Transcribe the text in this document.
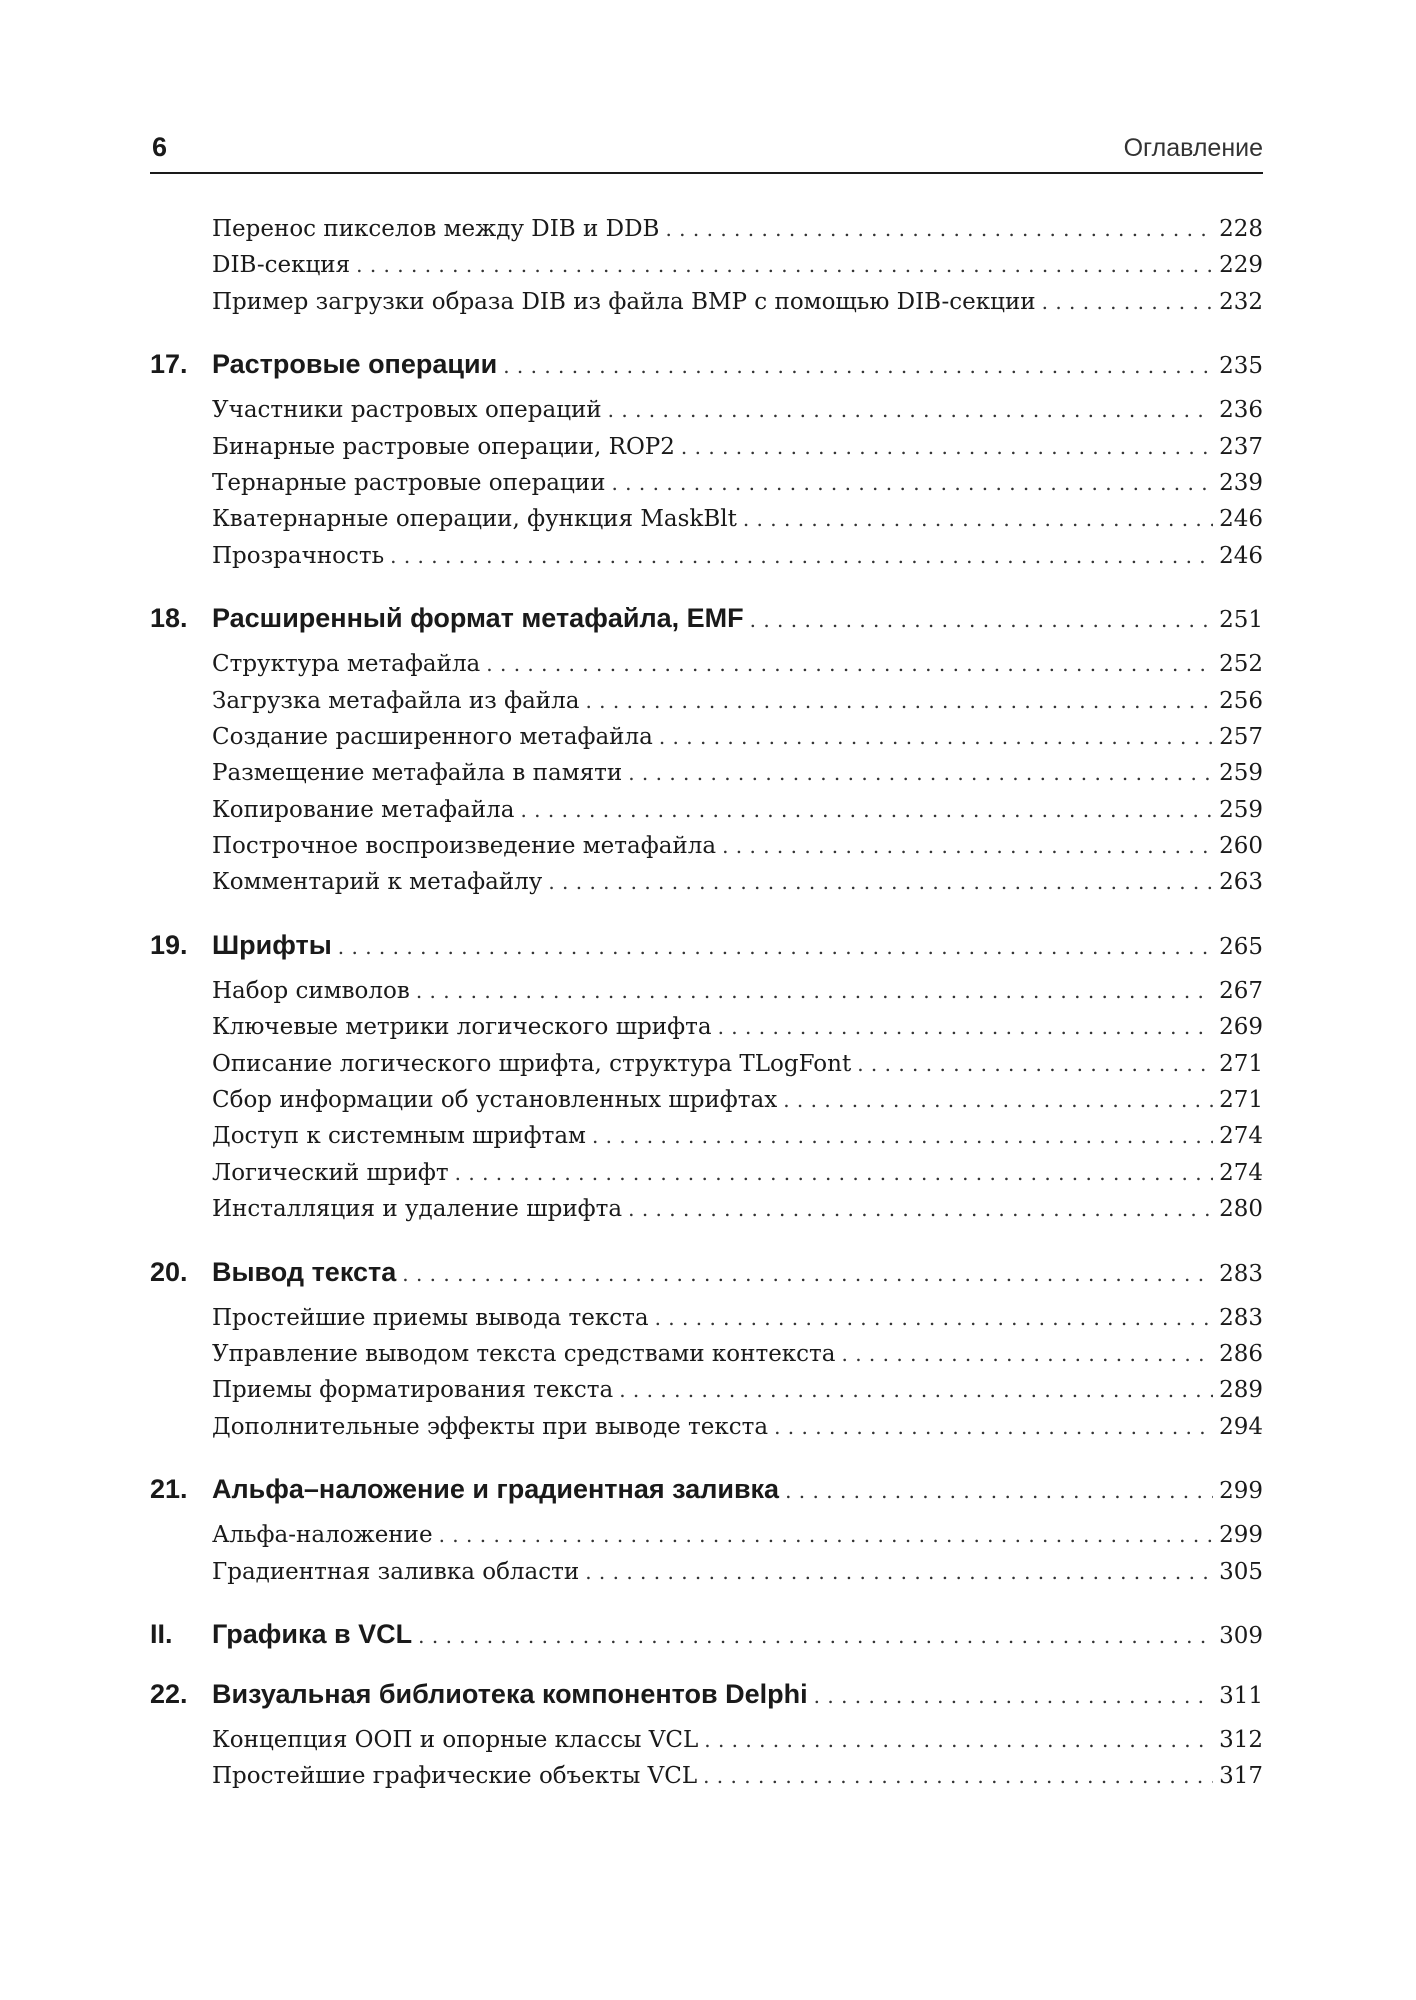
6	Оглавление
Перенос пикселов между DIB и DDB . . .	228
DIB-секция . . .	229
Пример загрузки образа DIB из файла BMP с помощью DIB-секции . . .	232
17. Растровые операции . . .	235
Участники растровых операций . . .	236
Бинарные растровые операции, ROP2 . . .	237
Тернарные растровые операции . . .	239
Кватернарные операции, функция MaskBlt . . .	246
Прозрачность . . .	246
18. Расширенный формат метафайла, EMF . . .	251
Структура метафайла . . .	252
Загрузка метафайла из файла . . .	256
Создание расширенного метафайла . . .	257
Размещение метафайла в памяти . . .	259
Копирование метафайла . . .	259
Построчное воспроизведение метафайла . . .	260
Комментарий к метафайлу . . .	263
19. Шрифты . . .	265
Набор символов . . .	267
Ключевые метрики логического шрифта . . .	269
Описание логического шрифта, структура TLogFont . . .	271
Сбор информации об установленных шрифтах . . .	271
Доступ к системным шрифтам . . .	274
Логический шрифт . . .	274
Инсталляция и удаление шрифта . . .	280
20. Вывод текста . . .	283
Простейшие приемы вывода текста . . .	283
Управление выводом текста средствами контекста . . .	286
Приемы форматирования текста . . .	289
Дополнительные эффекты при выводе текста . . .	294
21. Альфа–наложение и градиентная заливка . . .	299
Альфа-наложение . . .	299
Градиентная заливка области . . .	305
II.	Графика в VCL . . .	309
22. Визуальная библиотека компонентов Delphi . . .	311
Концепция ООП и опорные классы VCL . . .	312
Простейшие графические объекты VCL . . .	317
